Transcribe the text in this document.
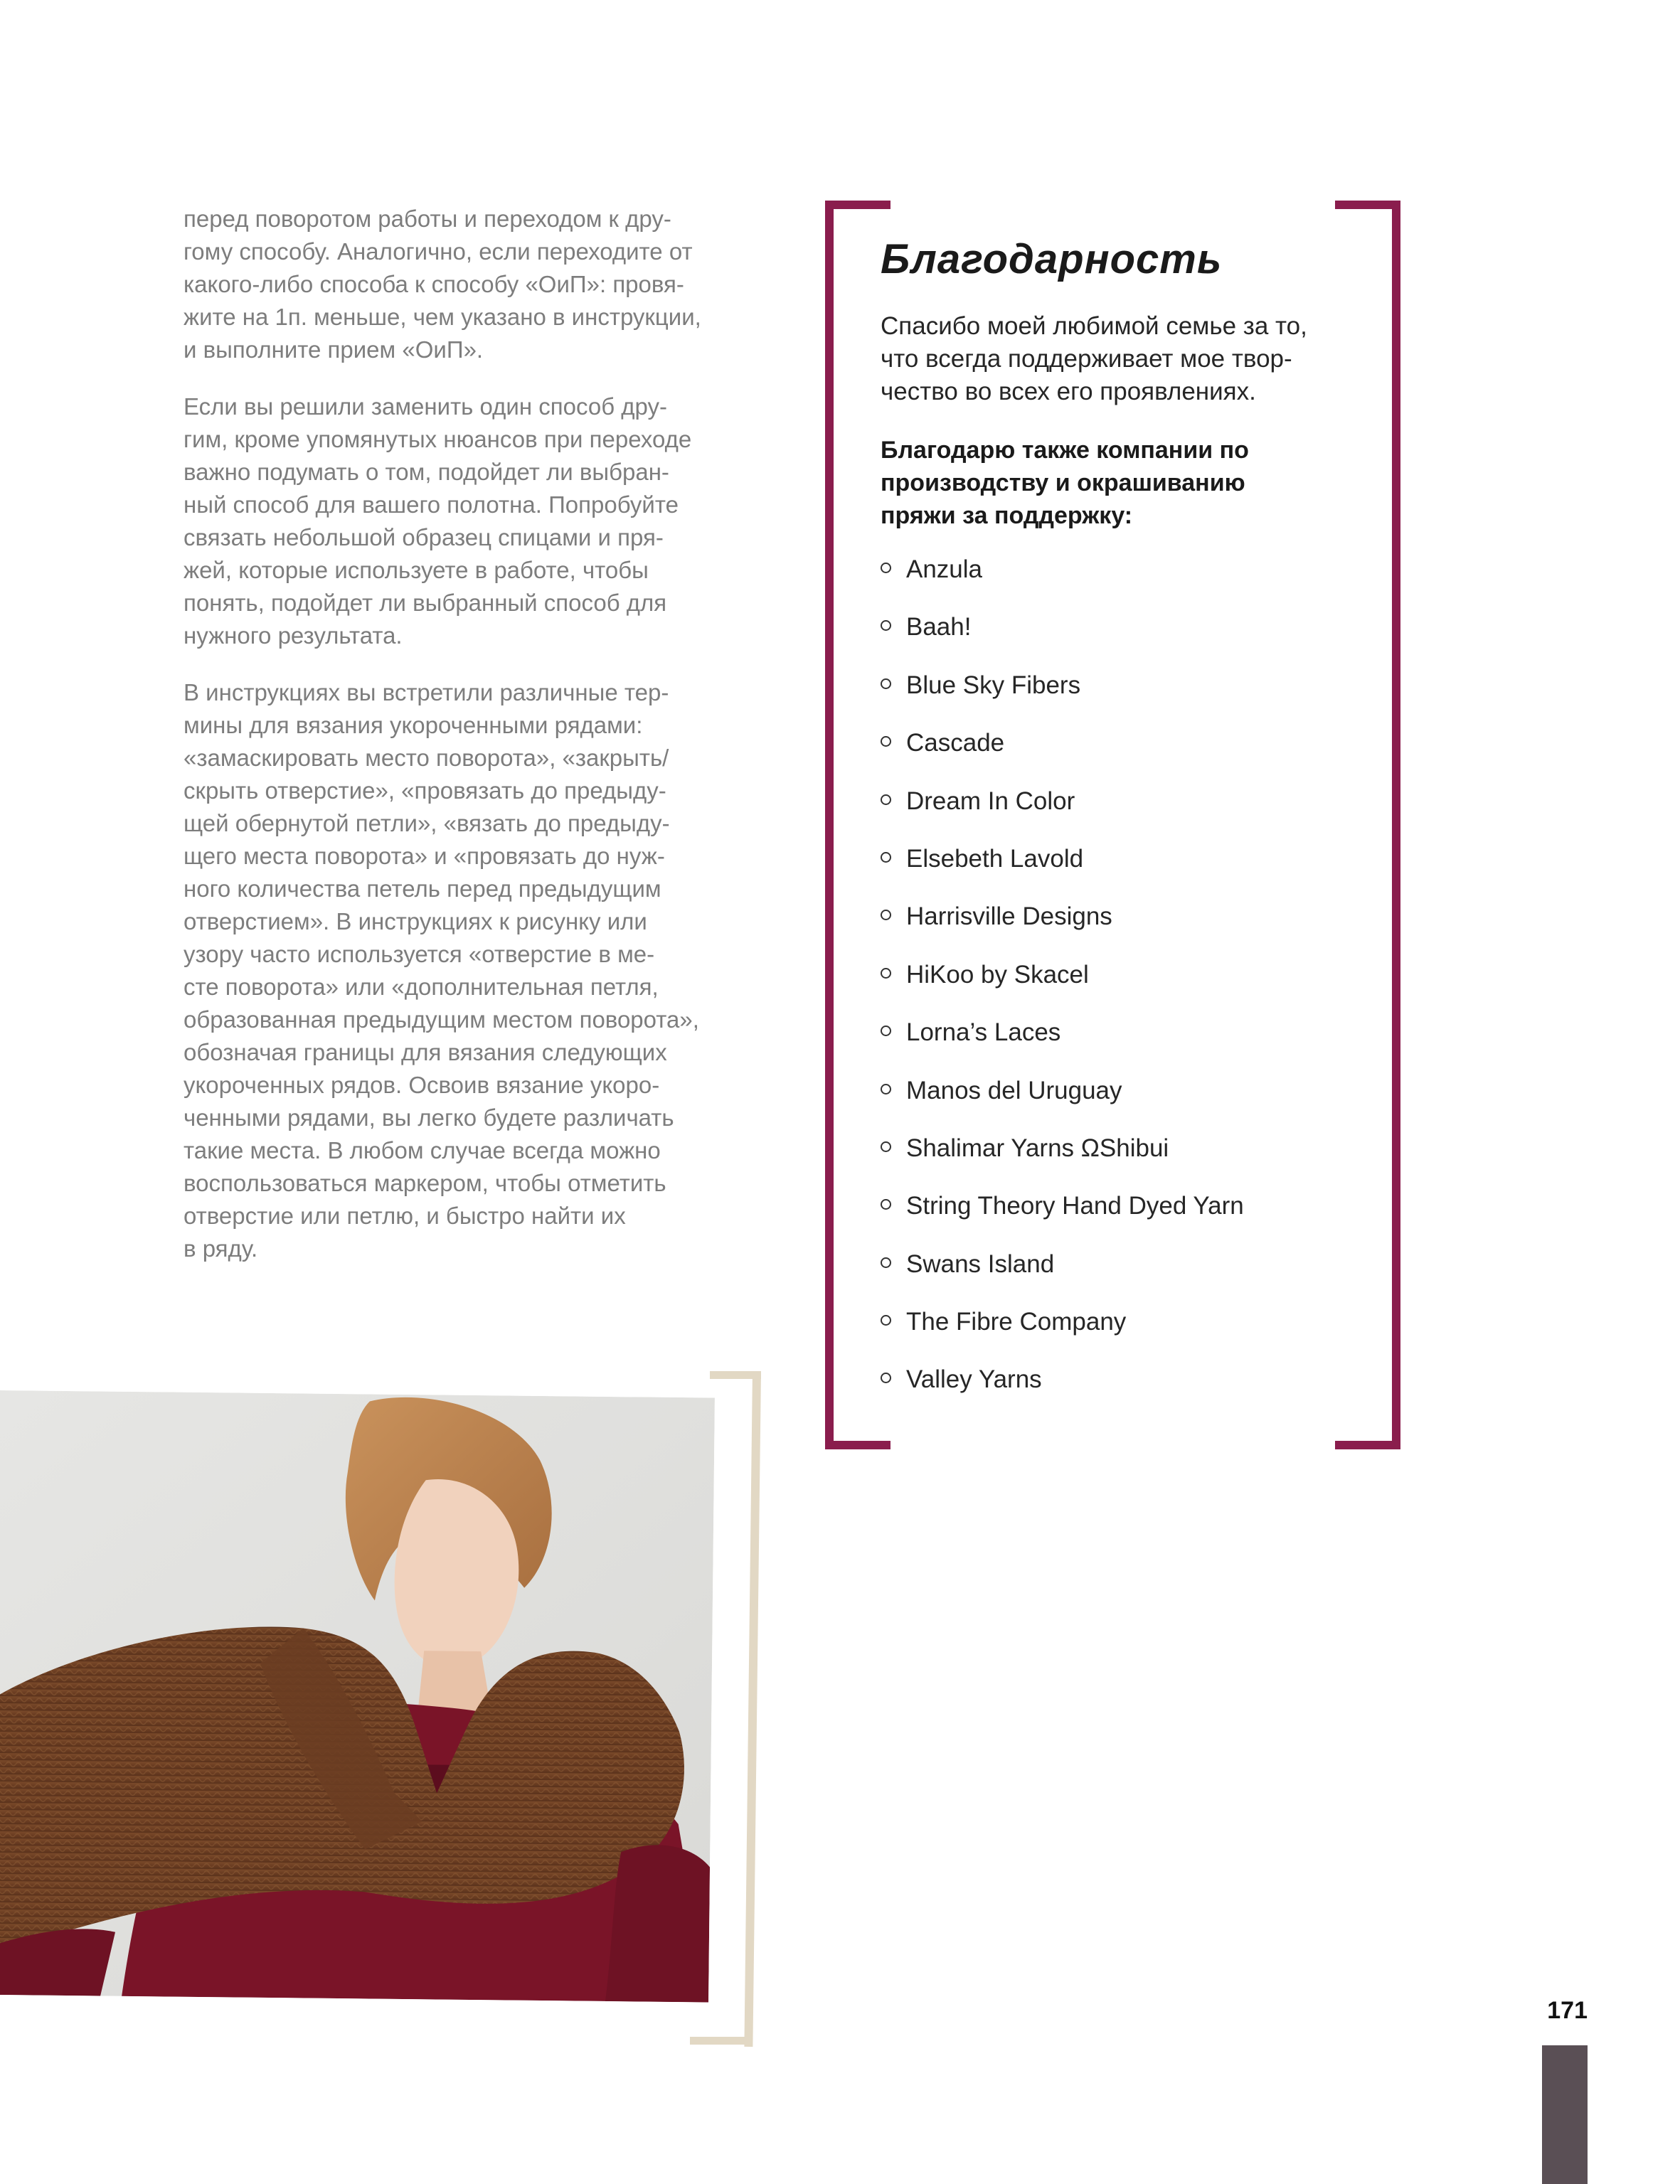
перед поворотом работы и переходом к дру-
гому способу. Аналогично, если переходите от
какого-либо способа к способу «ОиП»: провя-
жите на 1п. меньше, чем указано в инструкции,
и выполните прием «ОиП».

Если вы решили заменить один способ дру-
гим, кроме упомянутых нюансов при переходе
важно подумать о том, подойдет ли выбран-
ный способ для вашего полотна. Попробуйте
связать небольшой образец спицами и пря-
жей, которые используете в работе, чтобы
понять, подойдет ли выбранный способ для
нужного результата.

В инструкциях вы встретили различные тер-
мины для вязания укороченными рядами:
«замаскировать место поворота», «закрыть/
скрыть отверстие», «провязать до предыду-
щей обернутой петли», «вязать до предыду-
щего места поворота» и «провязать до нуж-
ного количества петель перед предыдущим
отверстием». В инструкциях к рисунку или
узору часто используется «отверстие в ме-
сте поворота» или «дополнительная петля,
образованная предыдущим местом поворота»,
обозначая границы для вязания следующих
укороченных рядов. Освоив вязание укоро-
ченными рядами, вы легко будете различать
такие места. В любом случае всегда можно
воспользоваться маркером, чтобы отметить
отверстие или петлю, и быстро найти их
в ряду.

Благодарность

Спасибо моей любимой семье за то,
что всегда поддерживает мое твор-
чество во всех его проявлениях.

Благодарю также компании по
производству и окрашиванию
пряжи за поддержку:

Anzula
Baah!
Blue Sky Fibers
Cascade
Dream In Color
Elsebeth Lavold
Harrisville Designs
HiKoo by Skacel
Lorna’s Laces
Manos del Uruguay
Shalimar Yarns ΩShibui
String Theory Hand Dyed Yarn
Swans Island
The Fibre Company
Valley Yarns
171
